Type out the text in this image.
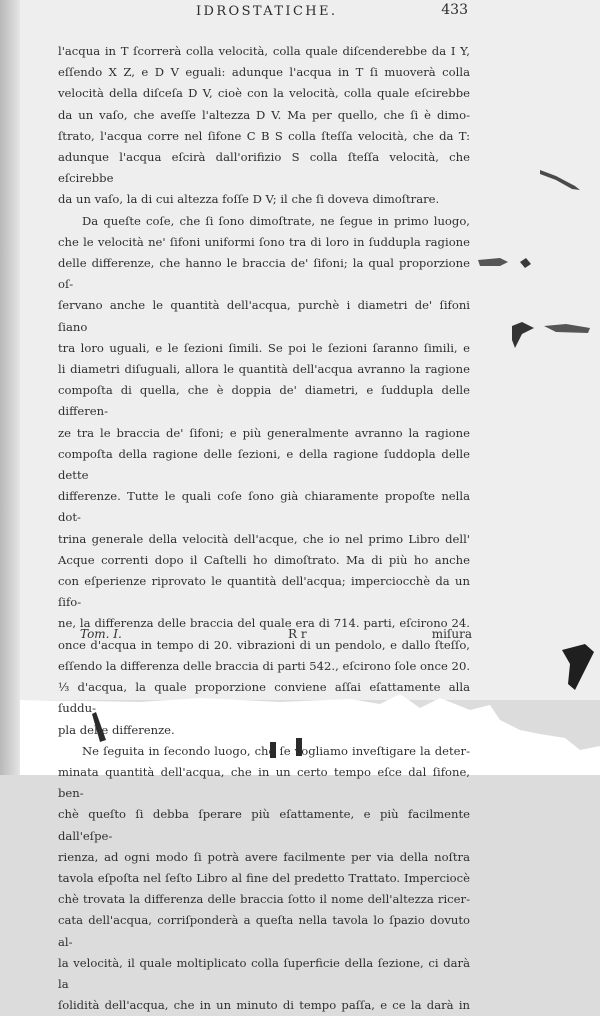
IDROSTATICHE.	433

l'acqua in T ſcorrerà colla velocità, colla quale diſcenderebbe da I Y,

eſſendo X Z, e D V eguali: adunque l'acqua in T ſi muoverà colla

velocità della diſceſa D V, cioè con la velocità, colla quale eſcirebbe

da un vaſo, che aveſſe l'altezza D V. Ma per quello, che ſi è dimo-

ſtrato, l'acqua corre nel ſifone C B S colla ſteſſa velocità, che da T:

adunque l'acqua eſcirà dall'orifizio S colla ſteſſa velocità, che eſcirebbe

da un vaſo, la di cui altezza foſſe D V; il che ſi doveva dimoſtrare.

Da queſte coſe, che ſi ſono dimoſtrate, ne ſegue in primo luogo,

che le velocità ne' ſifoni uniformi ſono tra di loro in ſuddupla ragione

delle differenze, che hanno le braccia de' ſifoni; la qual proporzione oſ-

ſervano anche le quantità dell'acqua, purchè i diametri de' ſifoni ſiano

tra loro uguali, e le ſezioni ſimili. Se poi le ſezioni ſaranno ſimili, e

li diametri diſuguali, allora le quantità dell'acqua avranno la ragione

compoſta di quella, che è doppia de' diametri, e ſuddupla delle differen-

ze tra le braccia de' ſifoni; e più generalmente avranno la ragione

compoſta della ragione delle ſezioni, e della ragione ſuddopla delle dette

differenze. Tutte le quali coſe ſono già chiaramente propoſte nella dot-

trina generale della velocità dell'acque, che io nel primo Libro dell'

Acque correnti dopo il Caſtelli ho dimoſtrato. Ma di più ho anche

con eſperienze riprovato le quantità dell'acqua; imperciocchè da un ſifo-

ne, la differenza delle braccia del quale era di 714. parti, eſcirono 24.

once d'acqua in tempo di 20. vibrazioni di un pendolo, e dallo ſteſſo,

eſſendo la differenza delle braccia di parti 542., eſcirono ſole once 20.

⅓ d'acqua, la quale proporzione conviene aſſai eſattamente alla ſuddu-

pla delle differenze.

Ne ſeguita in ſecondo luogo, che ſe vogliamo inveſtigare la deter-

minata quantità dell'acqua, che in un certo tempo eſce dal ſifone, ben-

chè queſto ſi debba ſperare più eſattamente, e più facilmente dall'eſpe-

rienza, ad ogni modo ſi potrà avere facilmente per via della noſtra

tavola eſpoſta nel ſeſto Libro al fine del predetto Trattato. Imperciocè

chè trovata la differenza delle braccia ſotto il nome dell'altezza ricer-

cata dell'acqua, corriſponderà a queſta nella tavola lo ſpazio dovuto al-

la velocità, il quale moltiplicato colla ſuperficie della ſezione, ci darà la

ſolidità dell'acqua, che in un minuto di tempo paſſa, e ce la darà in

Tom. I.	R r	miſura
